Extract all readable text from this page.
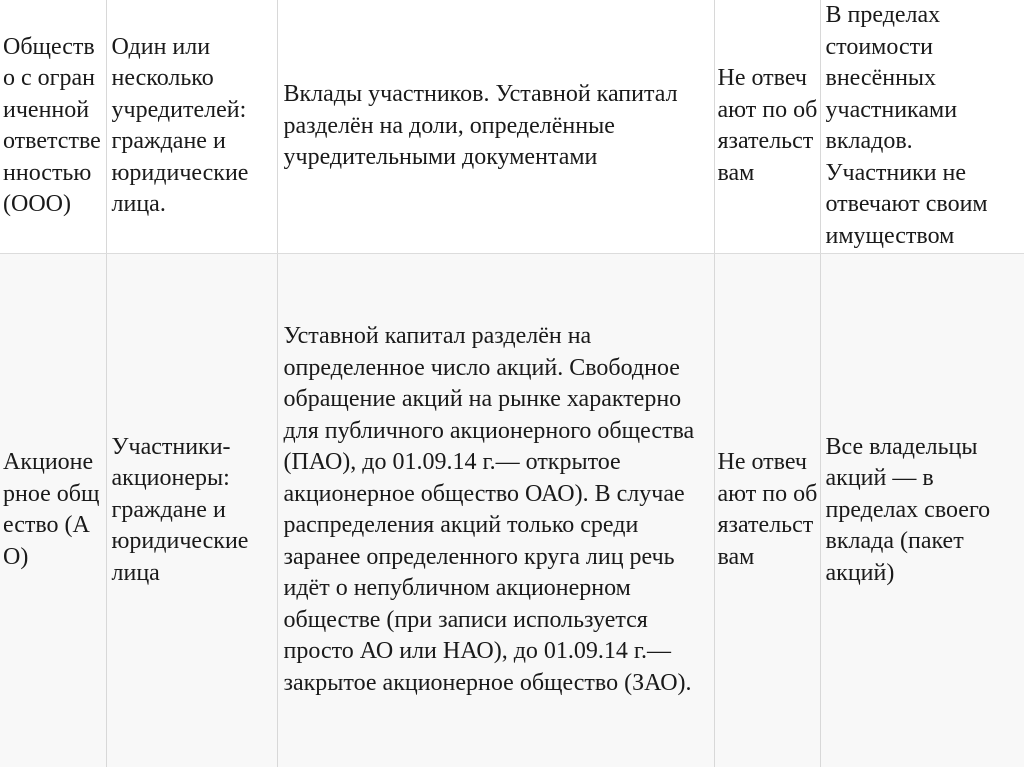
Общество с ограниченной ответственностью (ООО)	Один или несколько учредителей: граждане и юридические лица.	Вклады участников. Уставной капитал разделён на доли, определённые учредительными документами	Не отвечают по обязательствам	В пределах стоимости внесённых участниками вкладов. Участники не отвечают своим имуществом
Акционерное общество (АО)	Участники-акционеры: граждане и юридические лица	Уставной капитал разделён на определенное число акций. Свободное обращение акций на рынке характерно для публичного акционерного общества (ПАО), до 01.09.14 г.— открытое акционерное общество ОАО). В случае распределения акций только среди заранее определенного круга лиц речь идёт о непубличном акционерном обществе (при записи используется просто АО или НАО), до 01.09.14 г.— закрытое акционерное общество (ЗАО).	Не отвечают по обязательствам	Все владельцы акций — в пределах своего вклада (пакет акций)
